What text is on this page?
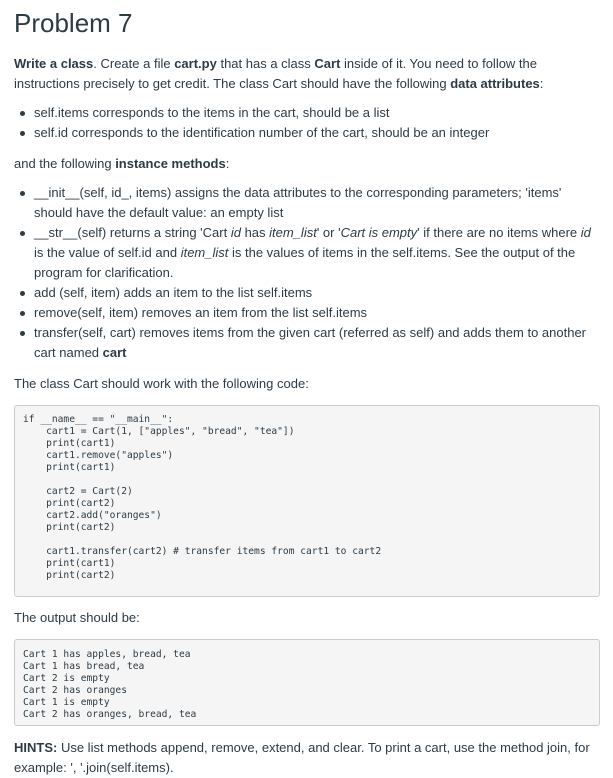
Problem 7

Write a class. Create a file cart.py that has a class Cart inside of it. You need to follow the instructions precisely to get credit. The class Cart should have the following data attributes:

self.items corresponds to the items in the cart, should be a list
self.id corresponds to the identification number of the cart, should be an integer

and the following instance methods:

__init__(self, id_, items) assigns the data attributes to the corresponding parameters; 'items' should have the default value: an empty list
__str__(self) returns a string 'Cart id has item_list' or 'Cart is empty' if there are no items where id is the value of self.id and item_list is the values of items in the self.items. See the output of the program for clarification.
add (self, item) adds an item to the list self.items
remove(self, item) removes an item from the list self.items
transfer(self, cart) removes items from the given cart (referred as self) and adds them to another cart named cart

The class Cart should work with the following code:

if __name__ == "__main__":
cart1 = Cart(1, ["apples", "bread", "tea"])
print(cart1)
cart1.remove("apples")
print(cart1)

cart2 = Cart(2)
print(cart2)
cart2.add("oranges")
print(cart2)

cart1.transfer(cart2) # transfer items from cart1 to cart2
print(cart1)
print(cart2)

The output should be:

Cart 1 has apples, bread, tea
Cart 1 has bread, tea
Cart 2 is empty
Cart 2 has oranges
Cart 1 is empty
Cart 2 has oranges, bread, tea

HINTS: Use list methods append, remove, extend, and clear. To print a cart, use the method join, for example: ', '.join(self.items).
